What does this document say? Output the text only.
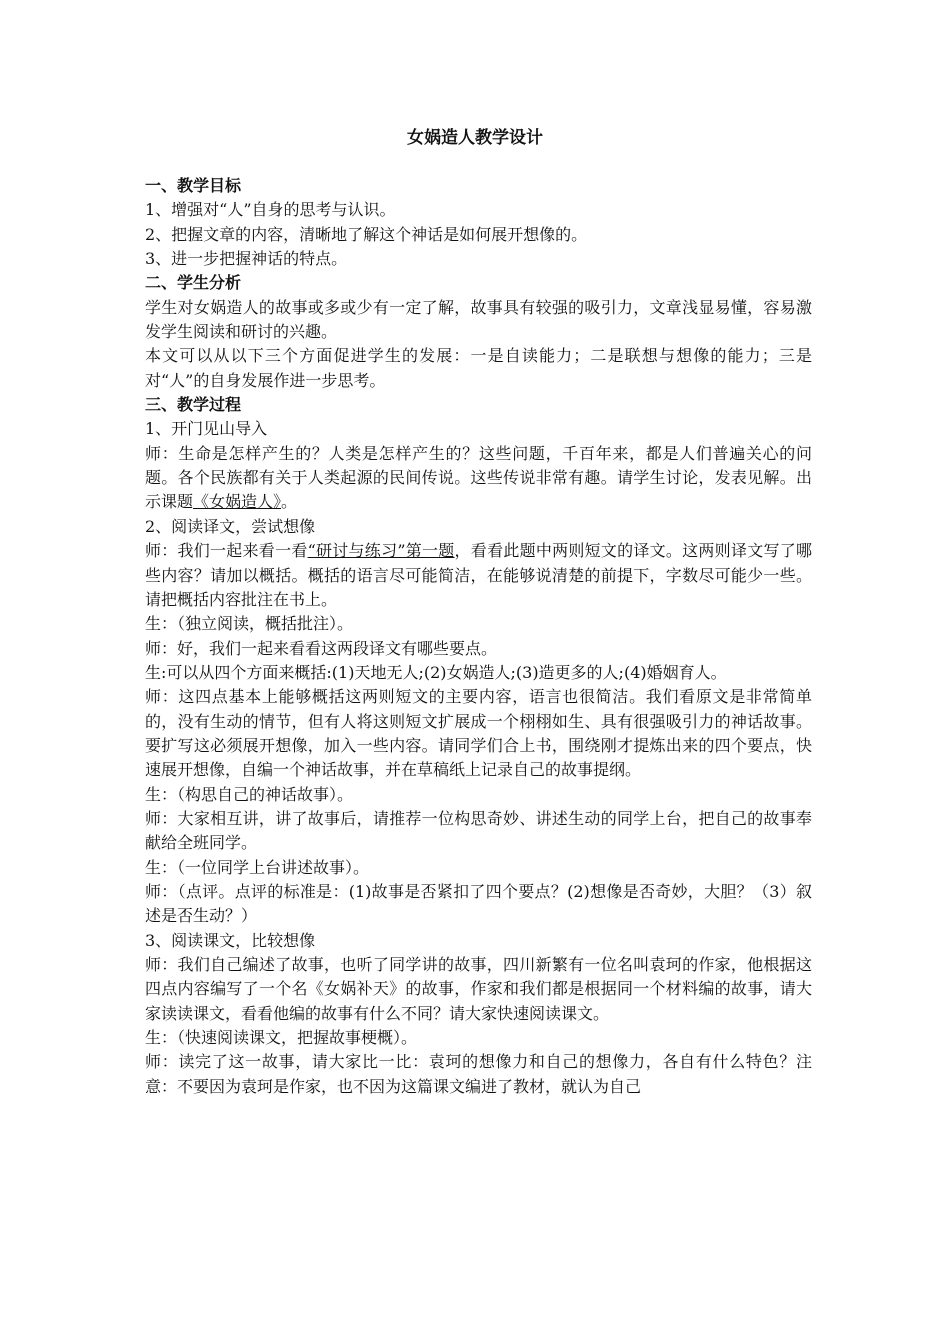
女娲造人教学设计

一、教学目标

1、增强对“人”自身的思考与认识。

2、把握文章的内容，清晰地了解这个神话是如何展开想像的。

3、进一步把握神话的特点。

二、学生分析

学生对女娲造人的故事或多或少有一定了解，故事具有较强的吸引力，文章浅显易懂，容易激发学生阅读和研讨的兴趣。

本文可以从以下三个方面促进学生的发展：一是自读能力；二是联想与想像的能力；三是对“人”的自身发展作进一步思考。

三、教学过程

1、开门见山导入

师：生命是怎样产生的？人类是怎样产生的？这些问题，千百年来，都是人们普遍关心的问题。各个民族都有关于人类起源的民间传说。这些传说非常有趣。请学生讨论，发表见解。出示课题《女娲造人》。

2、阅读译文，尝试想像

师：我们一起来看一看“研讨与练习”第一题，看看此题中两则短文的译文。这两则译文写了哪些内容？请加以概括。概括的语言尽可能简洁，在能够说清楚的前提下，字数尽可能少一些。请把概括内容批注在书上。

生：（独立阅读，概括批注）。

师：好，我们一起来看看这两段译文有哪些要点。

生:可以从四个方面来概括:(1)天地无人;(2)女娲造人;(3)造更多的人;(4)婚姻育人。

师：这四点基本上能够概括这两则短文的主要内容，语言也很简洁。我们看原文是非常简单的，没有生动的情节，但有人将这则短文扩展成一个栩栩如生、具有很强吸引力的神话故事。要扩写这必须展开想像，加入一些内容。请同学们合上书，围绕刚才提炼出来的四个要点，快速展开想像，自编一个神话故事，并在草稿纸上记录自己的故事提纲。

生：（构思自己的神话故事）。

师：大家相互讲，讲了故事后，请推荐一位构思奇妙、讲述生动的同学上台，把自己的故事奉献给全班同学。

生：（一位同学上台讲述故事）。

师：（点评。点评的标准是：(1)故事是否紧扣了四个要点？(2)想像是否奇妙，大胆？（3）叙述是否生动？）

3、阅读课文，比较想像

师：我们自己编述了故事，也听了同学讲的故事，四川新繁有一位名叫袁珂的作家，他根据这四点内容编写了一个名《女娲补天》的故事，作家和我们都是根据同一个材料编的故事，请大家读读课文，看看他编的故事有什么不同？请大家快速阅读课文。

生：（快速阅读课文，把握故事梗概）。

师：读完了这一故事，请大家比一比：袁珂的想像力和自己的想像力，各自有什么特色？注意：不要因为袁珂是作家，也不因为这篇课文编进了教材，就认为自己
